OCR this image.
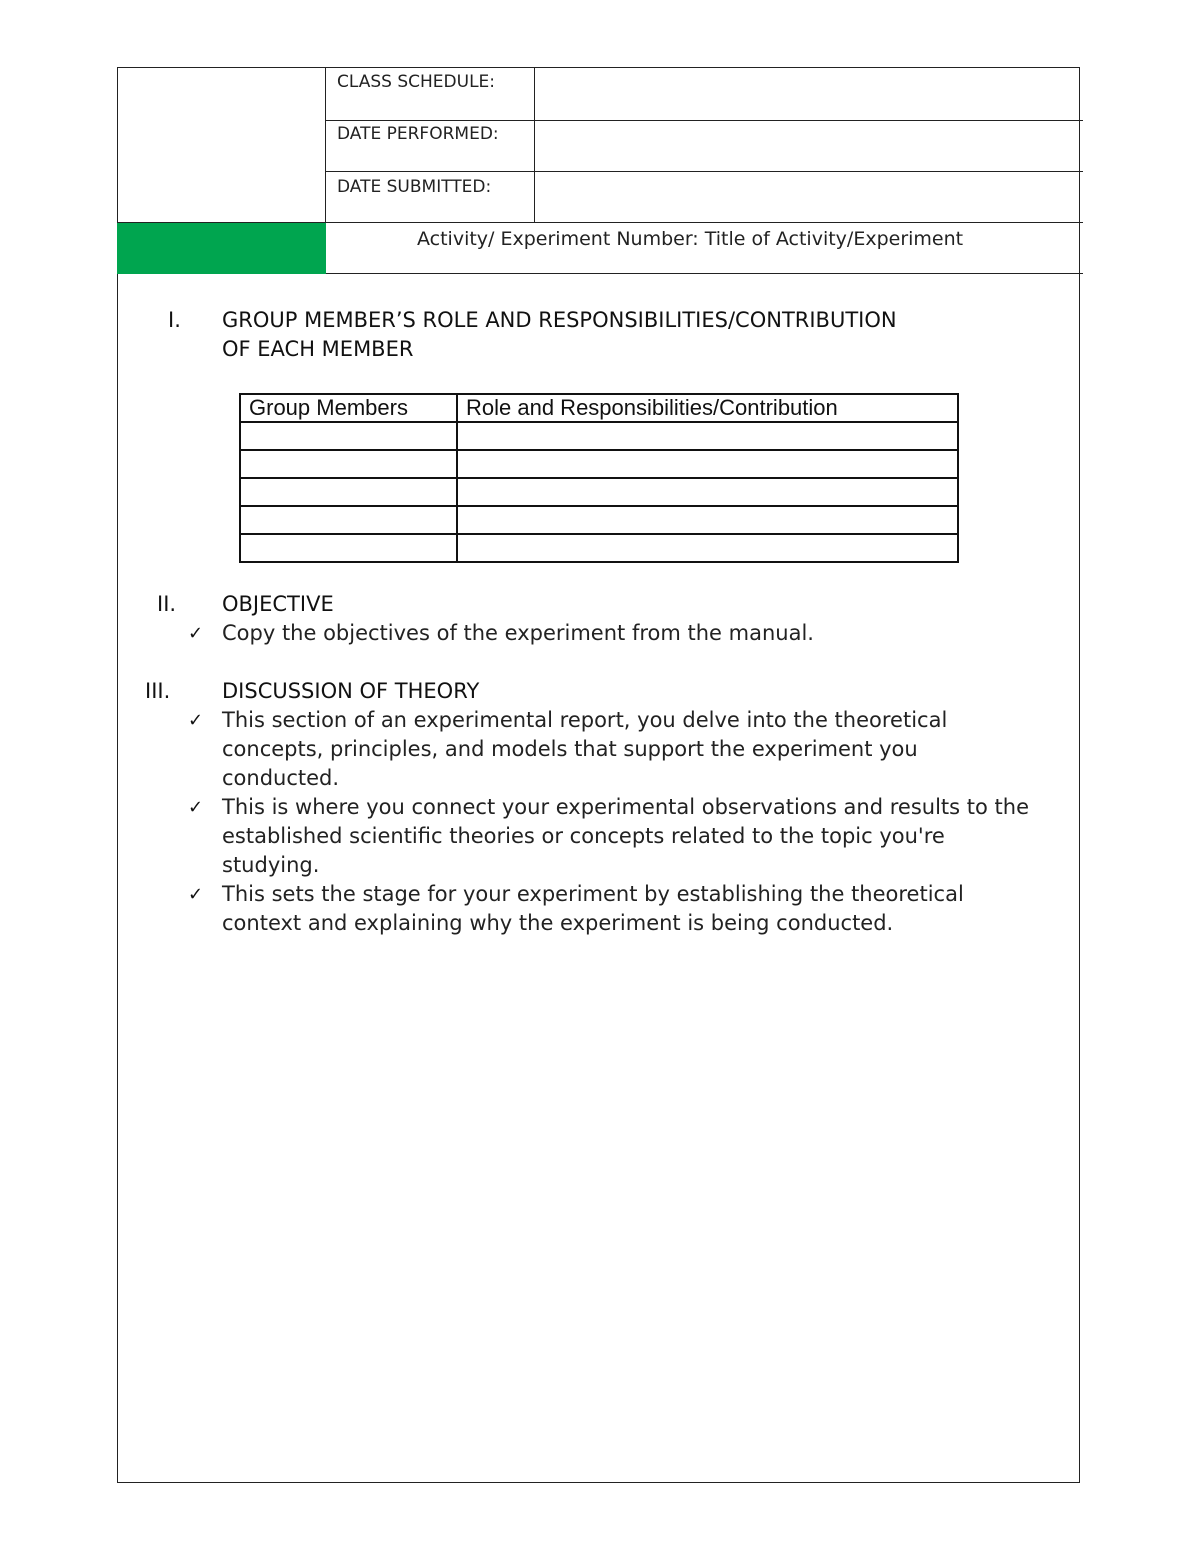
CLASS SCHEDULE:
DATE PERFORMED:
DATE SUBMITTED:
Activity/ Experiment Number: Title of Activity/Experiment
I. GROUP MEMBER’S ROLE AND RESPONSIBILITIES/CONTRIBUTION
OF EACH MEMBER
Group Members	Role and Responsibilities/Contribution

II. OBJECTIVE
✓ Copy the objectives of the experiment from the manual.
III. DISCUSSION OF THEORY
✓ This section of an experimental report, you delve into the theoretical
concepts, principles, and models that support the experiment you
conducted.
✓ This is where you connect your experimental observations and results to the
established scientific theories or concepts related to the topic you're
studying.
✓ This sets the stage for your experiment by establishing the theoretical
context and explaining why the experiment is being conducted.
